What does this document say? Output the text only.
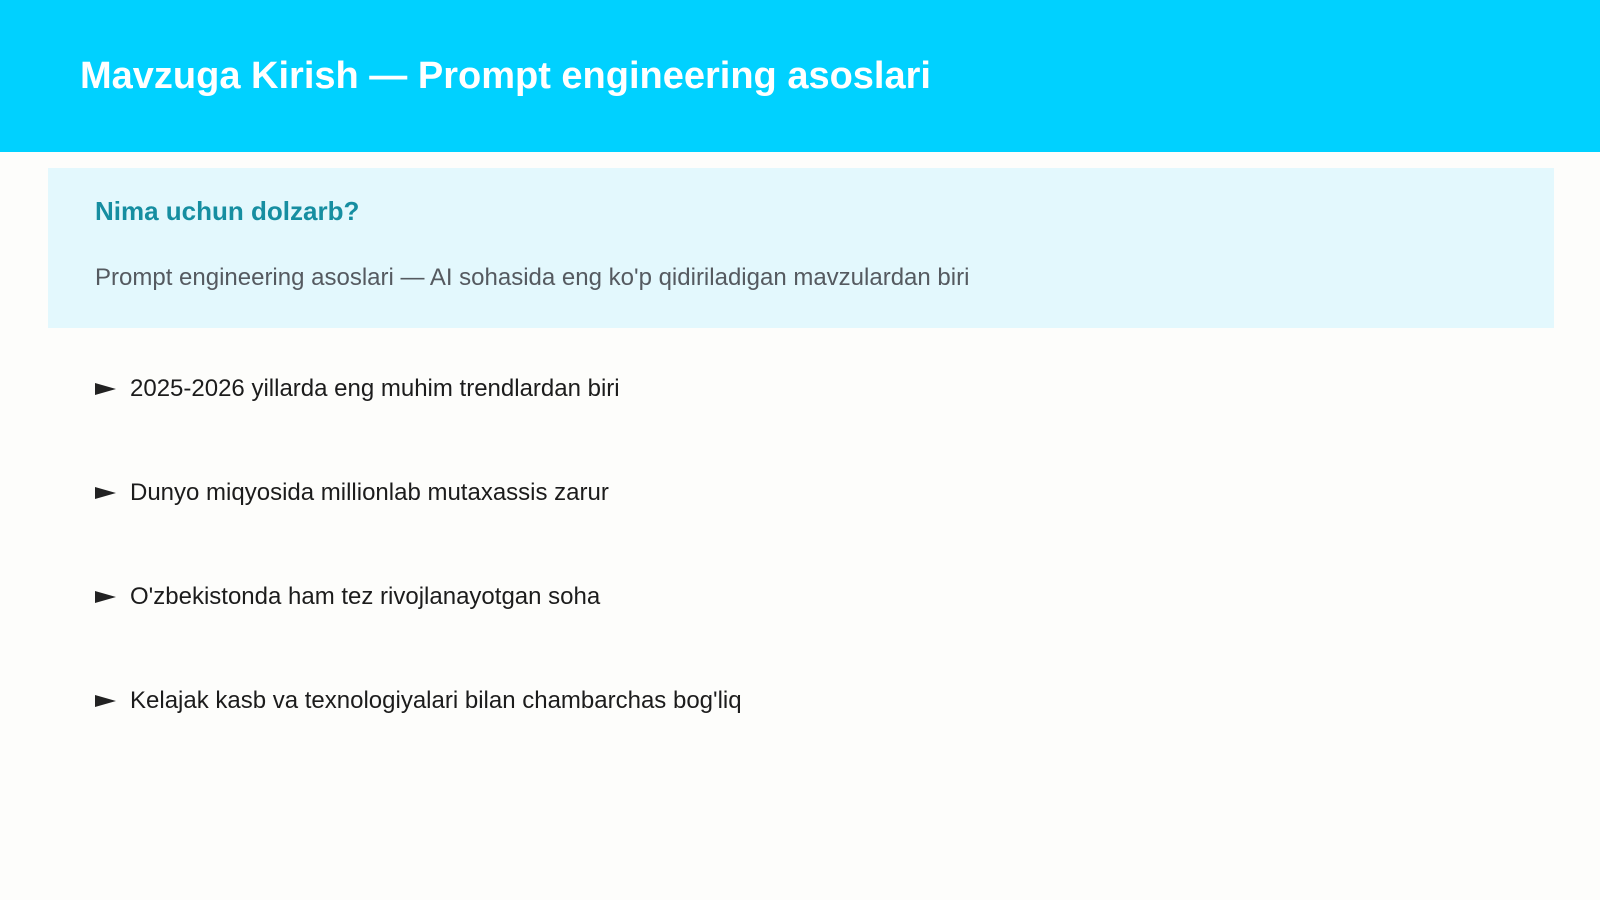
Mavzuga Kirish — Prompt engineering asoslari
Nima uchun dolzarb?

Prompt engineering asoslari — AI sohasida eng ko'p qidiriladigan mavzulardan biri

2025-2026 yillarda eng muhim trendlardan biri
Dunyo miqyosida millionlab mutaxassis zarur
O'zbekistonda ham tez rivojlanayotgan soha
Kelajak kasb va texnologiyalari bilan chambarchas bog'liq
